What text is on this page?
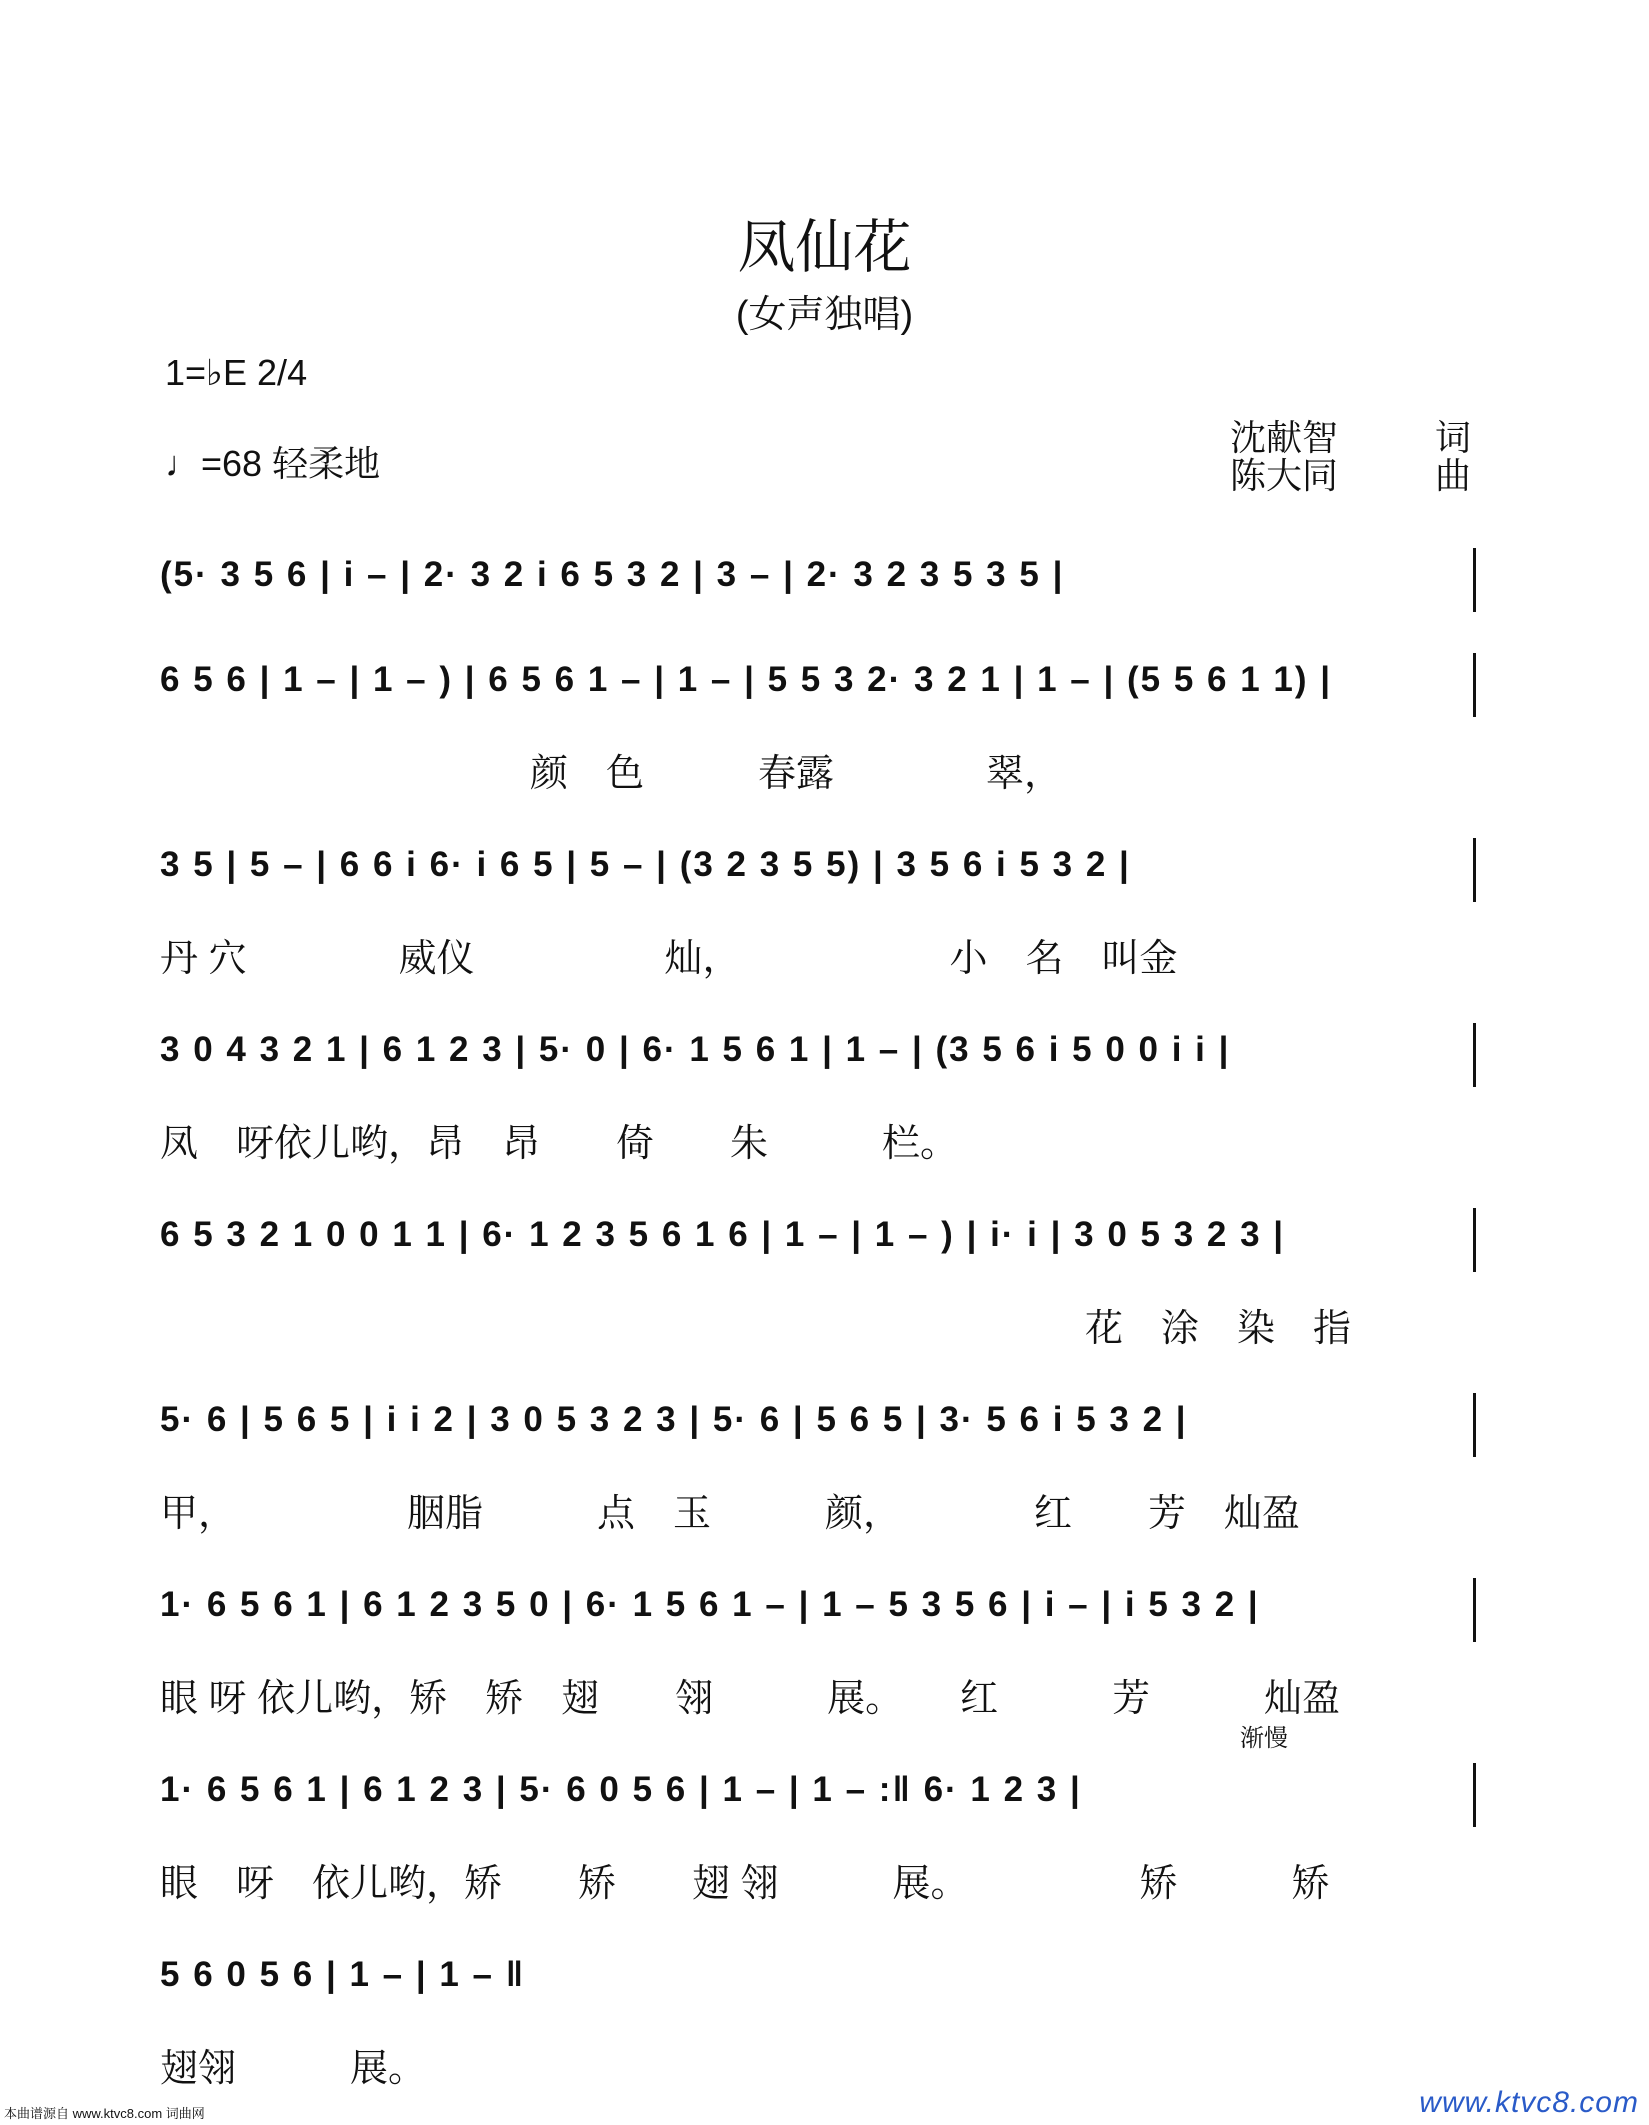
凤仙花
(女声独唱)
1=♭E 2/4
♩=68 轻柔地
沈献智	词
陈大同	曲
(5· 3 5 6 | i – | 2· 3 2 i 6 5 3 2 | 3 – | 2· 3 2 3 5 3 5 |
6 5 6 | 1 – | 1 – ) | 6 5 6 1 – | 1 – | 5 5 3 2· 3 2 1 | 1 – | (5 5 6 1 1) |
颜　色　　　春露　　　　翠，
3 5 | 5 – | 6 6 i 6· i 6 5 | 5 – | (3 2 3 5 5) | 3 5 6 i 5 3 2 |
丹 穴　　　　威仪　　　　　灿，　　　　　　小　名　叫金
3 0 4 3 2 1 | 6 1 2 3 | 5· 0 | 6· 1 5 6 1 | 1 – | (3 5 6 i 5 0 0 i i |
凤　呀依儿哟，昂　昂　　倚　　朱　　　栏。
6 5 3 2 1 0 0 1 1 | 6· 1 2 3 5 6 1 6 | 1 – | 1 – ) | i· i | 3 0 5 3 2 3 |
花　涂　染　指
5· 6 | 5 6 5 | i i 2 | 3 0 5 3 2 3 | 5· 6 | 5 6 5 | 3· 5 6 i 5 3 2 |
甲，　　　　　胭脂　　　点　玉　　　颜，　　　　红　　芳　灿盈
1· 6 5 6 1 | 6 1 2 3 5 0 | 6· 1 5 6 1 – | 1 – 5 3 5 6 | i – | i 5 3 2 |
眼 呀 依儿哟，矫　矫　翅　　翎　　　展。　　红　　　芳　　　灿盈
渐慢
1· 6 5 6 1 | 6 1 2 3 | 5· 6 0 5 6 | 1 – | 1 – :‖ 6· 1 2 3 |
眼　呀　依儿哟，矫　　矫　　翅 翎　　　展。　　　　　矫　　　矫
5 6 0 5 6 | 1 – | 1 – ‖
翅翎　　　展。
本曲谱源自 www.ktvc8.com 词曲网	www.ktvc8.com
